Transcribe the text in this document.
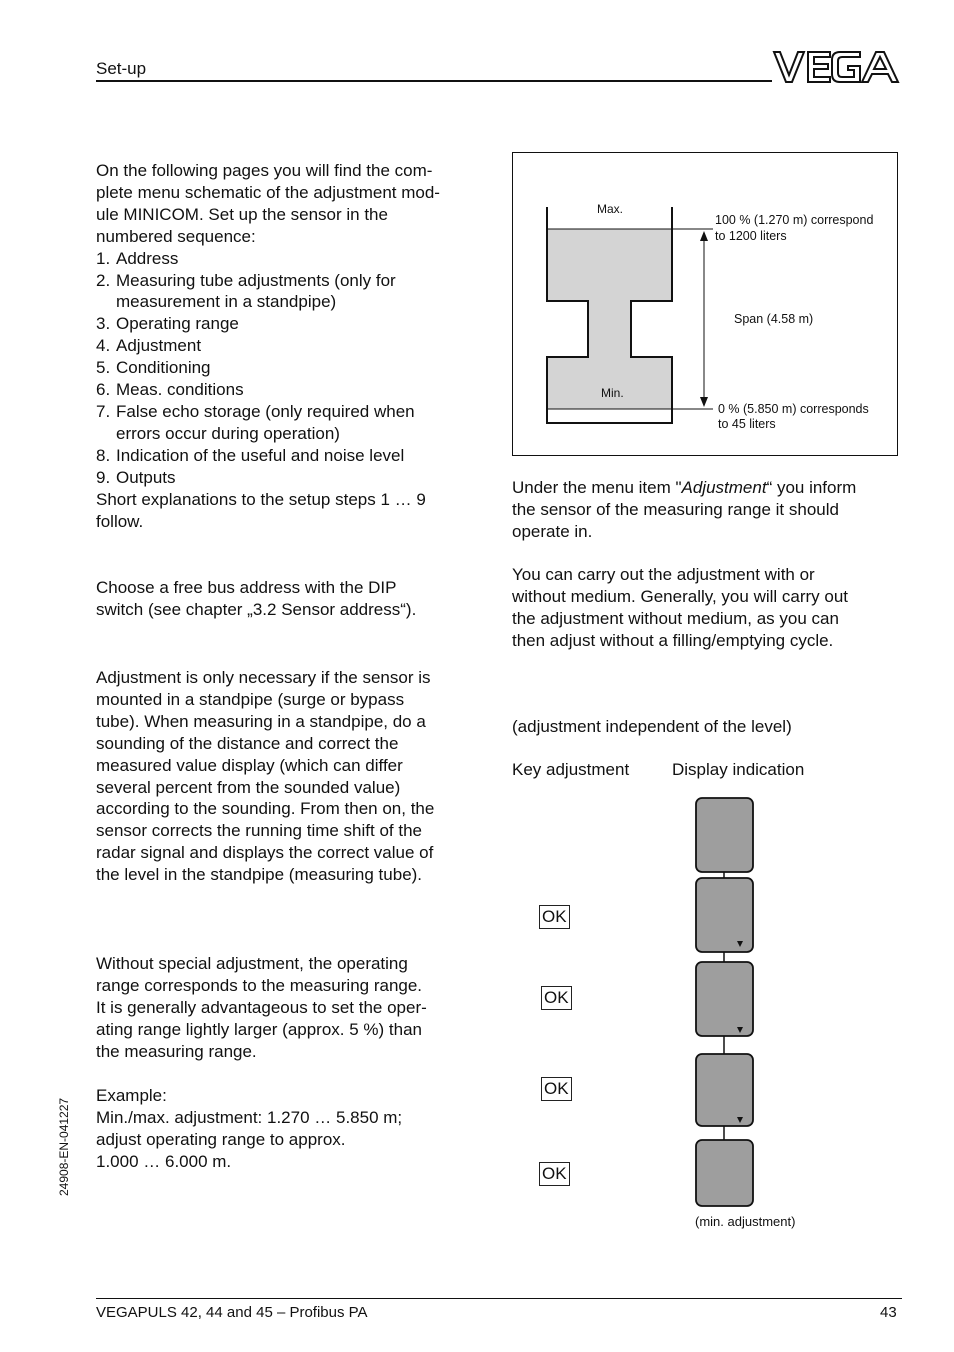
Set-up
On the following pages you will find the com-
plete menu schematic of the adjustment mod-
ule MINICOM. Set up the sensor in the
numbered sequence:
1. Address
2. Measuring tube adjustments (only for
measurement in a standpipe)
3. Operating range
4. Adjustment
5. Conditioning
6. Meas. conditions
7. False echo storage (only required when
errors occur during operation)
8. Indication of the useful and noise level
9. Outputs
Short explanations to the setup steps 1 … 9
follow.
Choose a free bus address with the DIP
switch (see chapter „3.2 Sensor address“).
Adjustment is only necessary if the sensor is
mounted in a standpipe (surge or bypass
tube). When measuring in a standpipe, do a
sounding of the distance and correct the
measured value display (which can differ
several percent from the sounded value)
according to the sounding. From then on, the
sensor corrects the running time shift of the
radar signal and displays the correct value of
the level in the standpipe (measuring tube).
Without special adjustment, the operating
range corresponds to the measuring range.
It is generally advantageous to set the oper-
ating range lightly larger (approx. 5 %) than
the measuring range.
Example:
Min./max. adjustment: 1.270 … 5.850 m;
adjust operating range to approx.
1.000 … 6.000 m.
Max.
Min.
100 % (1.270 m) correspond
to 1200 liters
Span (4.58 m)
0 % (5.850 m) corresponds
to 45 liters
Under the menu item "Adjustment“ you inform
the sensor of the measuring range it should
operate in.
You can carry out the adjustment with or
without medium. Generally, you will carry out
the adjustment without medium, as you can
then adjust without a filling/emptying cycle.
(adjustment independent of the level)
Key adjustment	Display indication
OK
OK
OK
OK
(min. adjustment)
24908-EN-041227
VEGAPULS 42, 44 and 45 – Profibus PA	43
